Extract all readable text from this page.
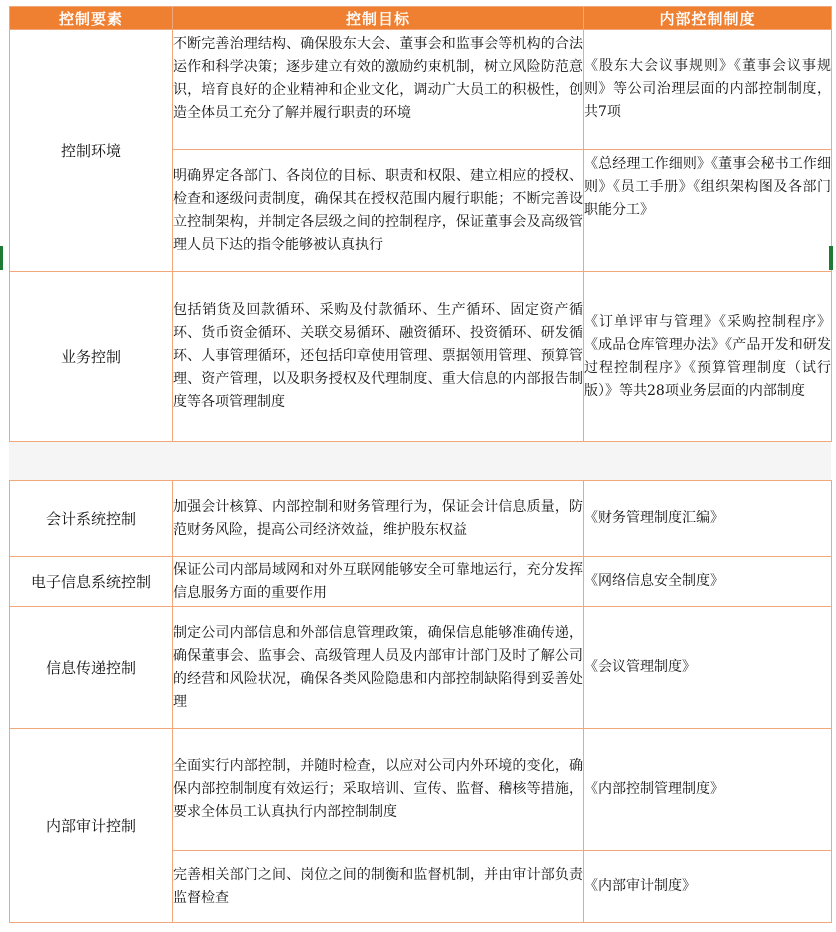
控制要素	控制目标	内部控制制度
控制环境	不断完善治理结构、确保股东大会、董事会和监事会等机构的合法运作和科学决策；逐步建立有效的激励约束机制，树立风险防范意识，培育良好的企业精神和企业文化，调动广大员工的积极性，创造全体员工充分了解并履行职责的环境	《股东大会议事规则》《董事会议事规则》等公司治理层面的内部控制制度，共7项
	明确界定各部门、各岗位的目标、职责和权限、建立相应的授权、检查和逐级问责制度，确保其在授权范围内履行职能；不断完善设立控制架构，并制定各层级之间的控制程序，保证董事会及高级管理人员下达的指令能够被认真执行	《总经理工作细则》《董事会秘书工作细则》《员工手册》《组织架构图及各部门职能分工》
业务控制	包括销货及回款循环、采购及付款循环、生产循环、固定资产循环、货币资金循环、关联交易循环、融资循环、投资循环、研发循环、人事管理循环，还包括印章使用管理、票据领用管理、预算管理、资产管理，以及职务授权及代理制度、重大信息的内部报告制度等各项管理制度	《订单评审与管理》《采购控制程序》《成品仓库管理办法》《产品开发和研发过程控制程序》《预算管理制度（试行版）》等共28项业务层面的内部制度
会计系统控制	加强会计核算、内部控制和财务管理行为，保证会计信息质量，防范财务风险，提高公司经济效益，维护股东权益	《财务管理制度汇编》
电子信息系统控制	保证公司内部局域网和对外互联网能够安全可靠地运行，充分发挥信息服务方面的重要作用	《网络信息安全制度》
信息传递控制	制定公司内部信息和外部信息管理政策，确保信息能够准确传递，确保董事会、监事会、高级管理人员及内部审计部门及时了解公司的经营和风险状况，确保各类风险隐患和内部控制缺陷得到妥善处理	《会议管理制度》
内部审计控制	全面实行内部控制，并随时检查，以应对公司内外环境的变化，确保内部控制制度有效运行；采取培训、宣传、监督、稽核等措施，要求全体员工认真执行内部控制制度	《内部控制管理制度》
	完善相关部门之间、岗位之间的制衡和监督机制，并由审计部负责监督检查	《内部审计制度》
